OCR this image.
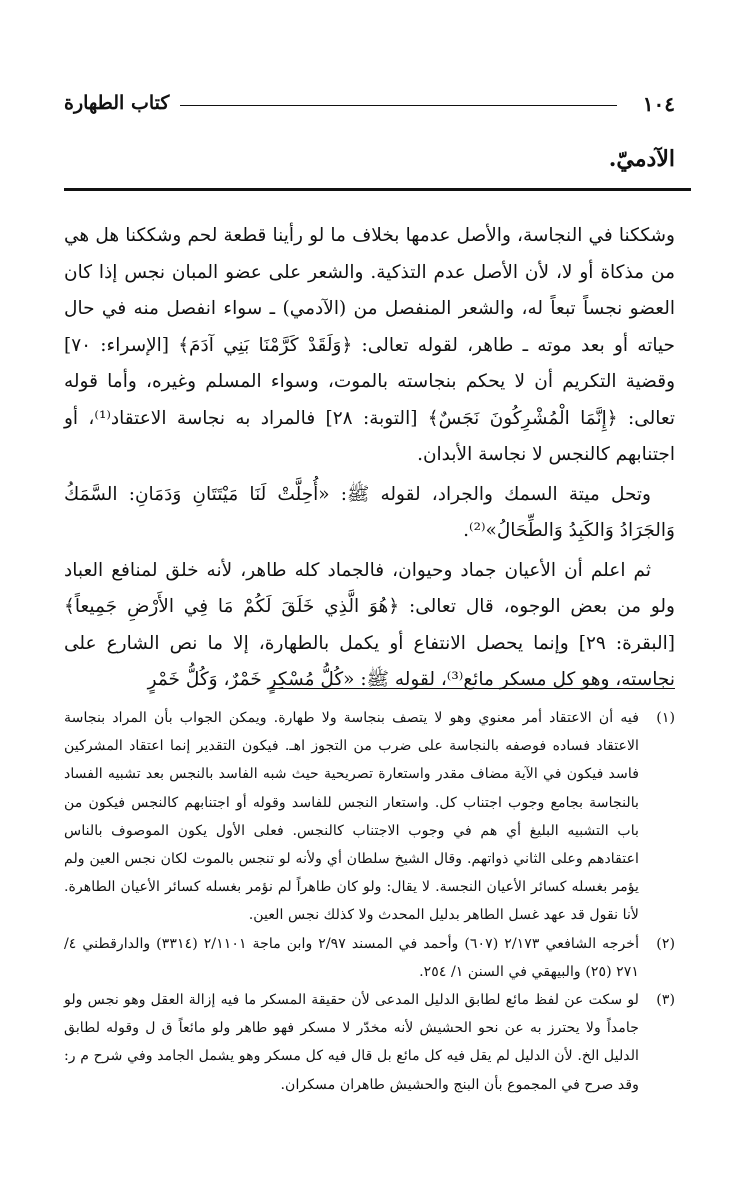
١٠٤
كتاب الطهارة
الآدميّ.

وشككنا في النجاسة، والأصل عدمها بخلاف ما لو رأينا قطعة لحم وشككنا هل هي من مذكاة أو لا، لأن الأصل عدم التذكية. والشعر على عضو المبان نجس إذا كان العضو نجساً تبعاً له، والشعر المنفصل من (الآدمي) ـ سواء انفصل منه في حال حياته أو بعد موته ـ طاهر، لقوله تعالى: ﴿وَلَقَدْ كَرَّمْنَا بَنِي آدَمَ﴾ [الإسراء: ٧٠] وقضية التكريم أن لا يحكم بنجاسته بالموت، وسواء المسلم وغيره، وأما قوله تعالى: ﴿إِنَّمَا الْمُشْرِكُونَ نَجَسٌ﴾ [التوبة: ٢٨] فالمراد به نجاسة الاعتقاد⁽¹⁾، أو اجتنابهم كالنجس لا نجاسة الأبدان.

وتحل ميتة السمك والجراد، لقوله ﷺ: «أُحِلَّتْ لَنَا مَيْتَتَانِ وَدَمَانِ: السَّمَكُ وَالجَرَادُ وَالكَبِدُ وَالطِّحَالُ»⁽²⁾.

ثم اعلم أن الأعيان جماد وحيوان، فالجماد كله طاهر، لأنه خلق لمنافع العباد ولو من بعض الوجوه، قال تعالى: ﴿هُوَ الَّذِي خَلَقَ لَكُمْ مَا فِي الأَرْضِ جَمِيعاً﴾ [البقرة: ٢٩] وإنما يحصل الانتفاع أو يكمل بالطهارة، إلا ما نص الشارع على نجاسته، وهو كل مسكر مائع⁽³⁾، لقوله ﷺ: «كُلُّ مُسْكِرٍ خَمْرٌ، وَكُلُّ خَمْرٍ

(١)
فيه أن الاعتقاد أمر معنوي وهو لا يتصف بنجاسة ولا طهارة. ويمكن الجواب بأن المراد بنجاسة الاعتقاد فساده فوصفه بالنجاسة على ضرب من التجوز اهـ. فيكون التقدير إنما اعتقاد المشركين فاسد فيكون في الآية مضاف مقدر واستعارة تصريحية حيث شبه الفاسد بالنجس بعد تشبيه الفساد بالنجاسة بجامع وجوب اجتناب كل. واستعار النجس للفاسد وقوله أو اجتنابهم كالنجس فيكون من باب التشبيه البليغ أي هم في وجوب الاجتناب كالنجس. فعلى الأول يكون الموصوف بالناس اعتقادهم وعلى الثاني ذواتهم. وقال الشيخ سلطان أي ولأنه لو تنجس بالموت لكان نجس العين ولم يؤمر بغسله كسائر الأعيان النجسة. لا يقال: ولو كان طاهراً لم نؤمر بغسله كسائر الأعيان الطاهرة. لأنا نقول قد عهد غسل الطاهر بدليل المحدث ولا كذلك نجس العين.
(٢)
أخرجه الشافعي ٢/١٧٣ (٦٠٧) وأحمد في المسند ٢/٩٧ وابن ماجة ٢/١١٠١ (٣٣١٤) والدارقطني ٤/ ٢٧١ (٢٥) والبيهقي في السنن ١/ ٢٥٤.
(٣)
لو سكت عن لفظ مائع لطابق الدليل المدعى لأن حقيقة المسكر ما فيه إزالة العقل وهو نجس ولو جامداً ولا يحترز به عن نحو الحشيش لأنه مخدّر لا مسكر فهو طاهر ولو مائعاً ق ل وقوله لطابق الدليل الخ. لأن الدليل لم يقل فيه كل مائع بل قال فيه كل مسكر وهو يشمل الجامد وفي شرح م ر: وقد صرح في المجموع بأن البنج والحشيش طاهران مسكران.
